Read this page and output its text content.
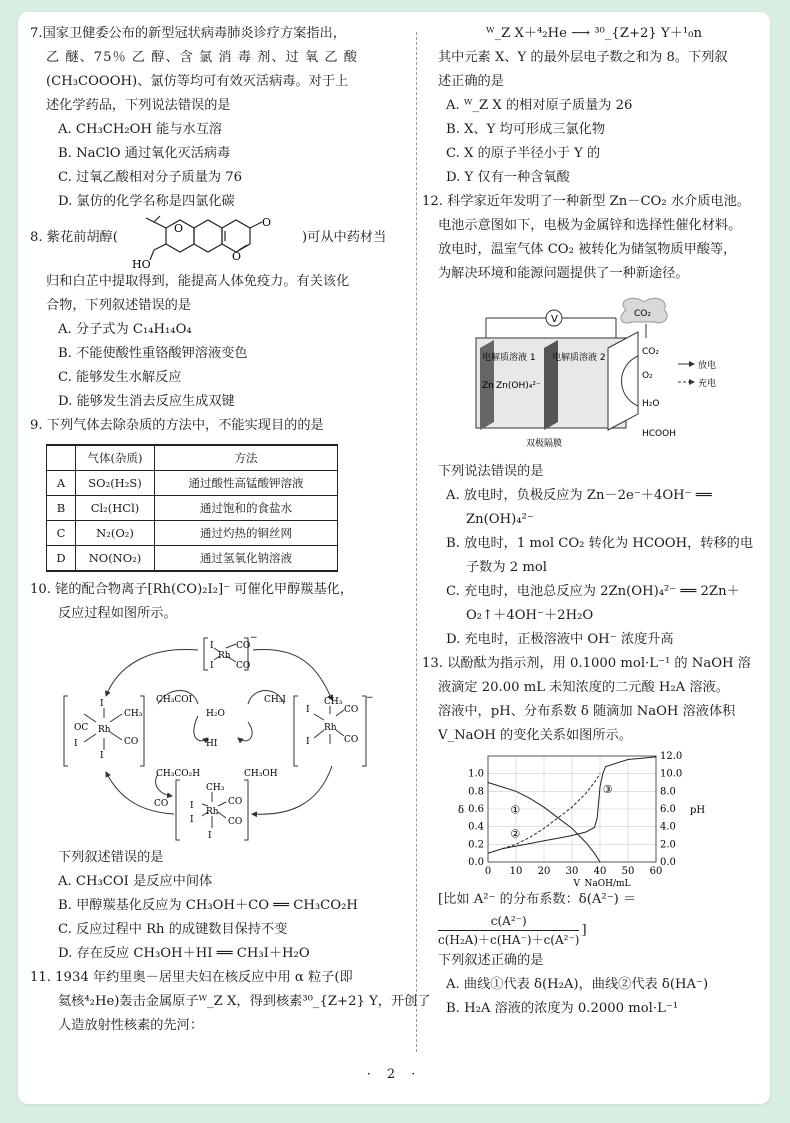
7.国家卫健委公布的新型冠状病毒肺炎诊疗方案指出，
乙 醚、75％ 乙 醇、含 氯 消 毒 剂、过 氧 乙 酸
(CH₃COOOH)、氯仿等均可有效灭活病毒。对于上
述化学药品，下列说法错误的是
A. CH₃CH₂OH 能与水互溶
B. NaClO 通过氧化灭活病毒
C. 过氧乙酸相对分子质量为 76
D. 氯仿的化学名称是四氯化碳
8. 紫花前胡醇(
O
O
O
HO
)可从中药材当
归和白芷中提取得到，能提高人体免疫力。有关该化
合物，下列叙述错误的是
A. 分子式为 C₁₄H₁₄O₄
B. 不能使酸性重铬酸钾溶液变色
C. 能够发生水解反应
D. 能够发生消去反应生成双键
9. 下列气体去除杂质的方法中，不能实现目的的是
	气体(杂质)	方法
A	SO₂(H₂S)	通过酸性高锰酸钾溶液
B	Cl₂(HCl)	通过饱和的食盐水
C	N₂(O₂)	通过灼热的铜丝网
D	NO(NO₂)	通过氢氧化钠溶液
10. 铑的配合物离子[Rh(CO)₂I₂]⁻ 可催化甲醇羰基化，
反应过程如图所示。
I
I
Rh
CO
CO
−
CH₃COI
H₂O
CH₃I
HI
CH₃CO₂H	CH₃OH
CO
OC
I
I
I
Rh
CH₃
CO
CH₃
Rh
CO
CO
I
I
−
CH₃
Rh
I
I
CO
CO
I
下列叙述错误的是
A. CH₃COI 是反应中间体
B. 甲醇羰基化反应为 CH₃OH＋CO ══ CH₃CO₂H
C. 反应过程中 Rh 的成键数目保持不变
D. 存在反应 CH₃OH＋HI ══ CH₃I＋H₂O
11. 1934 年约里奥－居里夫妇在核反应中用 α 粒子(即
氦核⁴₂He)轰击金属原子ᵂ_Z X，得到核素³⁰_{Z+2} Y，开创了
人造放射性核素的先河：
ᵂ_Z X＋⁴₂He ⟶ ³⁰_{Z+2} Y＋¹₀n
其中元素 X、Y 的最外层电子数之和为 8。下列叙
述正确的是
A. ᵂ_Z X 的相对原子质量为 26
B. X、Y 均可形成三氯化物
C. X 的原子半径小于 Y 的
D. Y 仅有一种含氧酸
12. 科学家近年发明了一种新型 Zn－CO₂ 水介质电池。
电池示意图如下，电极为金属锌和选择性催化材料。
放电时，温室气体 CO₂ 被转化为储氢物质甲酸等，
为解决环境和能源问题提供了一种新途径。
CO₂
V
电解质溶液 1 电解质溶液 2
CO₂
Zn Zn(OH)₄²⁻
O₂
H₂O
HCOOH
双极隔膜
放电
充电
下列说法错误的是
A. 放电时，负极反应为 Zn－2e⁻＋4OH⁻ ══
Zn(OH)₄²⁻
B. 放电时，1 mol CO₂ 转化为 HCOOH，转移的电
子数为 2 mol
C. 充电时，电池总反应为 2Zn(OH)₄²⁻ ══ 2Zn＋
O₂↑＋4OH⁻＋2H₂O
D. 充电时，正极溶液中 OH⁻ 浓度升高
13. 以酚酞为指示剂，用 0.1000 mol·L⁻¹ 的 NaOH 溶
液滴定 20.00 mL 未知浓度的二元酸 H₂A 溶液。
溶液中，pH、分布系数 δ 随滴加 NaOH 溶液体积
V_NaOH 的变化关系如图所示。
0 10 20 30 40 50 60
0.0
0.2
0.4
0.6
0.8
1.0
0.0
2.0
4.0
6.0
8.0
10.0
12.0
δ	pH
V_NaOH/mL
①
②
③
[比如 A²⁻ 的分布系数：δ(A²⁻) ＝
$\frac{\text{c(A²⁻)}}{\text{c(H₂A)＋c(HA⁻)＋c(A²⁻)}}$ ]
下列叙述正确的是
A. 曲线①代表 δ(H₂A)，曲线②代表 δ(HA⁻)
B. H₂A 溶液的浓度为 0.2000 mol·L⁻¹
· 2 ·
